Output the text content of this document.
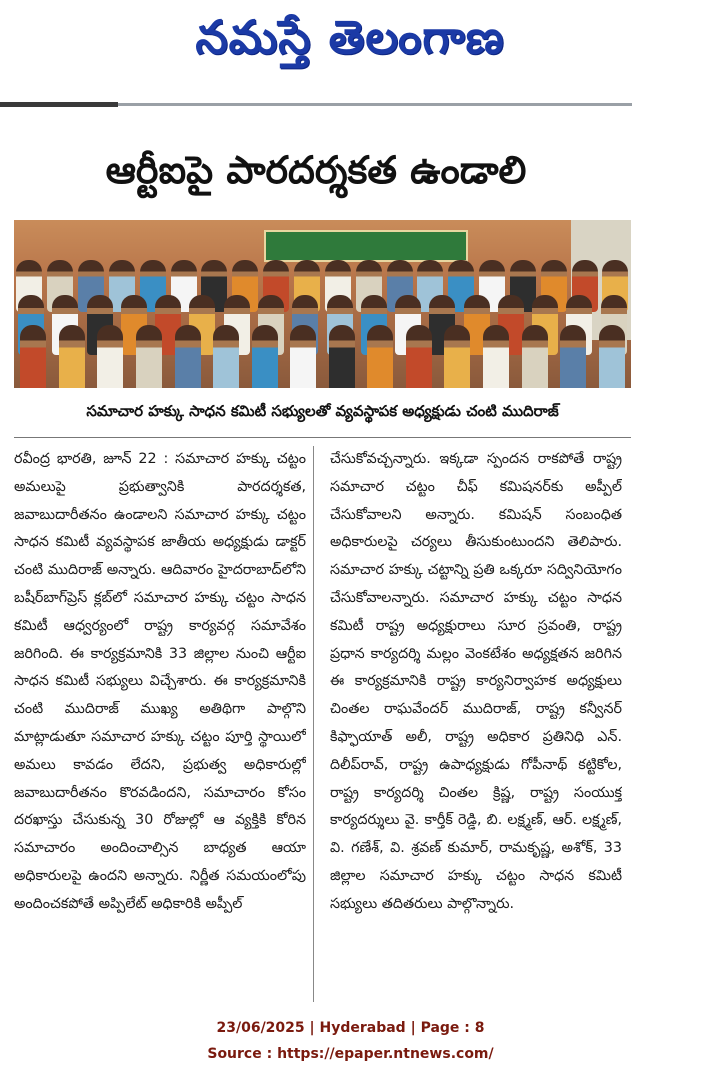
నమస్తే తెలంగాణ
ఆర్టీఐపై పారదర్శకత ఉండాలి
సమాచార హక్కు సాధన కమిటీ సభ్యులతో వ్యవస్థాపక అధ్యక్షుడు చంటి ముదిరాజ్

రవీంద్ర భారతి, జూన్ 22 : సమాచార హక్కు చట్టం అమలుపై ప్రభుత్వానికి పారదర్శకత, జవాబుదారీతనం ఉండాలని సమాచార హక్కు చట్టం సాధన కమిటీ వ్యవస్థాపక జాతీయ అధ్యక్షుడు డాక్టర్ చంటి ముదిరాజ్ అన్నారు. ఆదివారం హైదరాబాద్‌లోని బషీర్‌బాగ్‌ప్రెస్ క్లబ్‌లో సమాచార హక్కు చట్టం సాధన కమిటీ ఆధ్వర్యంలో రాష్ట్ర కార్యవర్గ సమావేశం జరిగింది. ఈ కార్యక్రమానికి 33 జిల్లాల నుంచి ఆర్టీఐ సాధన కమిటీ సభ్యులు విచ్చేశారు. ఈ కార్యక్రమానికి చంటి ముదిరాజ్ ముఖ్య అతిథిగా పాల్గొని మాట్లాడుతూ సమాచార హక్కు చట్టం పూర్తి స్థాయిలో అమలు కావడం లేదని, ప్రభుత్వ అధికారుల్లో జవాబుదారీతనం కొరవడిందని, సమాచారం కోసం దరఖాస్తు చేసుకున్న 30 రోజుల్లో ఆ వ్యక్తికి కోరిన సమాచారం అందించాల్సిన బాధ్యత ఆయా అధికారులపై ఉందని అన్నారు. నిర్ణీత సమయంలోపు అందించకపోతే అప్పిలేట్ అధికారికి అప్పీల్

చేసుకోవచ్చన్నారు. ఇక్కడా స్పందన రాకపోతే రాష్ట్ర సమాచార చట్టం చీఫ్ కమిషనర్‌కు అప్పీల్ చేసుకోవాలని అన్నారు. కమిషన్ సంబంధిత అధికారులపై చర్యలు తీసుకుంటుందని తెలిపారు. సమాచార హక్కు చట్టాన్ని ప్రతి ఒక్కరూ సద్వినియోగం చేసుకోవాలన్నారు. సమాచార హక్కు చట్టం సాధన కమిటీ రాష్ట్ర అధ్యక్షురాలు సూర స్రవంతి, రాష్ట్ర ప్రధాన కార్యదర్శి మల్లం వెంకటేశం అధ్యక్షతన జరిగిన ఈ కార్యక్రమానికి రాష్ట్ర కార్యనిర్వాహక అధ్యక్షులు చింతల రాఘవేందర్ ముదిరాజ్, రాష్ట్ర కన్వీనర్ కిఫ్ఫాయాత్ అలీ, రాష్ట్ర అధికార ప్రతినిధి ఎన్. దిలీప్‌రావ్, రాష్ట్ర ఉపాధ్యక్షుడు గోపీనాథ్ కట్టికోల, రాష్ట్ర కార్యదర్శి చింతల క్రిష్ణ, రాష్ట్ర సంయుక్త కార్యదర్శులు వై. కార్తీక్ రెడ్డి, బి. లక్ష్మణ్, ఆర్. లక్ష్మణ్, వి. గణేశ్, వి. శ్రవణ్ కుమార్, రామకృష్ణ, అశోక్, 33 జిల్లాల సమాచార హక్కు చట్టం సాధన కమిటీ సభ్యులు తదితరులు పాల్గొన్నారు.

23/06/2025 | Hyderabad | Page : 8
Source : https://epaper.ntnews.com/
